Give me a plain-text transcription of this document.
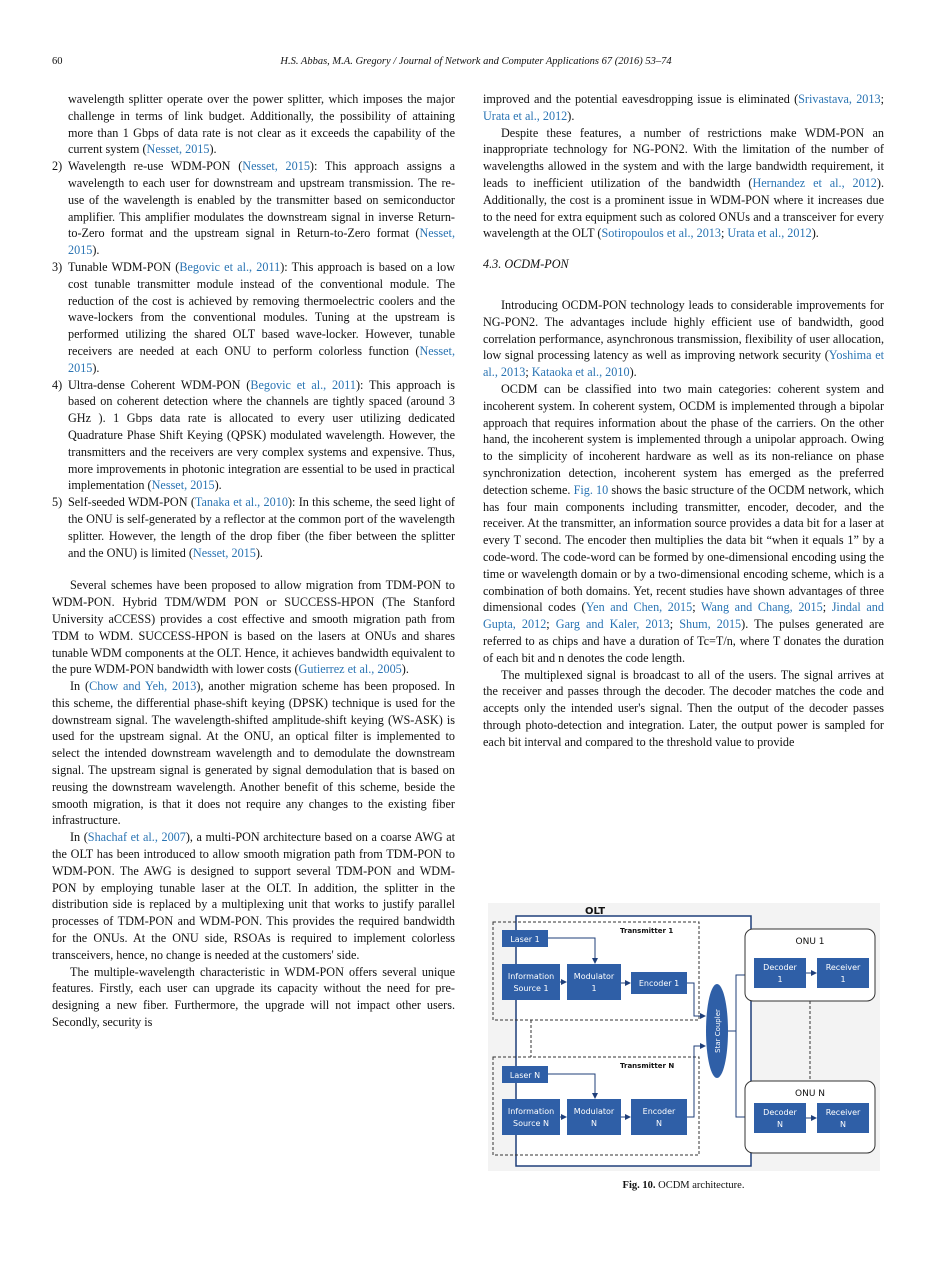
60	H.S. Abbas, M.A. Gregory / Journal of Network and Computer Applications 67 (2016) 53–74
wavelength splitter operate over the power splitter, which imposes the major challenge in terms of link budget. Additionally, the possibility of attaining more than 1 Gbps of data rate is not clear as it exceeds the capability of the current system (Nesset, 2015).
2) Wavelength re-use WDM-PON (Nesset, 2015): This approach assigns a wavelength to each user for downstream and upstream transmission. The re-use of the wavelength is enabled by the transmitter based on semiconductor amplifier. This amplifier modulates the downstream signal in inverse Return-to-Zero format and the upstream signal in Return-to-Zero format (Nesset, 2015).
3) Tunable WDM-PON (Begovic et al., 2011): This approach is based on a low cost tunable transmitter module instead of the conventional module. The reduction of the cost is achieved by removing thermoelectric coolers and the wave-lockers from the conventional modules. Tuning at the upstream is performed utilizing the shared OLT based wave-locker. However, tunable receivers are needed at each ONU to perform colorless function (Nesset, 2015).
4) Ultra-dense Coherent WDM-PON (Begovic et al., 2011): This approach is based on coherent detection where the channels are tightly spaced (around 3 GHz ). 1 Gbps data rate is allocated to every user utilizing dedicated Quadrature Phase Shift Keying (QPSK) modulated wavelength. However, the transmitters and the receivers are very complex systems and expensive. Thus, more improvements in photonic integration are essential to be used in practical implementation (Nesset, 2015).
5) Self-seeded WDM-PON (Tanaka et al., 2010): In this scheme, the seed light of the ONU is self-generated by a reflector at the common port of the wavelength splitter. However, the length of the drop fiber (the fiber between the splitter and the ONU) is limited (Nesset, 2015).

Several schemes have been proposed to allow migration from TDM-PON to WDM-PON. Hybrid TDM/WDM PON or SUCCESS-HPON (The Stanford University aCCESS) provides a cost effective and smooth migration path from TDM to WDM. SUCCESS-HPON is based on the lasers at ONUs and shares tunable WDM components at the OLT. Hence, it achieves bandwidth equivalent to the pure WDM-PON bandwidth with lower costs (Gutierrez et al., 2005).

In (Chow and Yeh, 2013), another migration scheme has been proposed. In this scheme, the differential phase-shift keying (DPSK) technique is used for the downstream signal. The wavelength-shifted amplitude-shift keying (WS-ASK) is used for the upstream signal. At the ONU, an optical filter is implemented to select the intended downstream wavelength and to demodulate the downstream signal. The upstream signal is generated by signal demodulation that is based on reusing the downstream wavelength. Another benefit of this scheme, beside the smooth migration, is that it does not require any changes to the existing fiber infrastructure.

In (Shachaf et al., 2007), a multi-PON architecture based on a coarse AWG at the OLT has been introduced to allow smooth migration path from TDM-PON to WDM-PON. The AWG is designed to support several TDM-PON and WDM-PON by employing tunable laser at the OLT. In addition, the splitter in the distribution side is replaced by a multiplexing unit that works to justify parallel processes of TDM-PON and WDM-PON. This provides the required bandwidth for the ONUs. At the ONU side, RSOAs is required to implement colorless transceivers, hence, no change is needed at the customers' side.

The multiple-wavelength characteristic in WDM-PON offers several unique features. Firstly, each user can upgrade its capacity without the need for pre-designing a new fiber. Furthermore, the upgrade will not impact other users. Secondly, security is

improved and the potential eavesdropping issue is eliminated (Srivastava, 2013; Urata et al., 2012).

Despite these features, a number of restrictions make WDM-PON an inappropriate technology for NG-PON2. With the limitation of the number of wavelengths allowed in the system and with the large bandwidth requirement, it leads to inefficient utilization of the bandwidth (Hernandez et al., 2012). Additionally, the cost is a prominent issue in WDM-PON where it increases due to the need for extra equipment such as colored ONUs and a transceiver for every wavelength at the OLT (Sotiropoulos et al., 2013; Urata et al., 2012).

4.3. OCDM-PON

Introducing OCDM-PON technology leads to considerable improvements for NG-PON2. The advantages include highly efficient use of bandwidth, good correlation performance, asynchronous transmission, flexibility of user allocation, low signal processing latency as well as improving network security (Yoshima et al., 2013; Kataoka et al., 2010).

OCDM can be classified into two main categories: coherent system and incoherent system. In coherent system, OCDM is implemented through a bipolar approach that requires information about the phase of the carriers. On the other hand, the incoherent system is implemented through a unipolar approach. Owing to the simplicity of incoherent hardware as well as its non-reliance on phase synchronization detection, incoherent system has emerged as the preferred detection scheme. Fig. 10 shows the basic structure of the OCDM network, which has four main components including transmitter, encoder, decoder, and the receiver. At the transmitter, an information source provides a data bit for a laser at every T second. The encoder then multiplies the data bit “when it equals 1” by a code-word. The code-word can be formed by one-dimensional encoding using the time or wavelength domain or by a two-dimensional encoding scheme, which is a combination of both domains. Yet, recent studies have shown advantages of three dimensional codes (Yen and Chen, 2015; Wang and Chang, 2015; Jindal and Gupta, 2012; Garg and Kaler, 2013; Shum, 2015). The pulses generated are referred to as chips and have a duration of Tc=T/n, where T donates the duration of each bit and n denotes the code length.

The multiplexed signal is broadcast to all of the users. The signal arrives at the receiver and passes through the decoder. The decoder matches the code and accepts only the intended user's signal. Then the output of the decoder passes through photo-detection and integration. Later, the output power is sampled for each bit interval and compared to the threshold value to provide

OLT
Transmitter 1
Transmitter N
Laser 1
Information
Source 1
Modulator
1
Encoder 1
Laser N
Information
Source N
Modulator
N
Encoder
N
Star Coupler
ONU 1
Decoder
1
Receiver
1
ONU N
Decoder
N
Receiver
N
Fig. 10. OCDM architecture.
